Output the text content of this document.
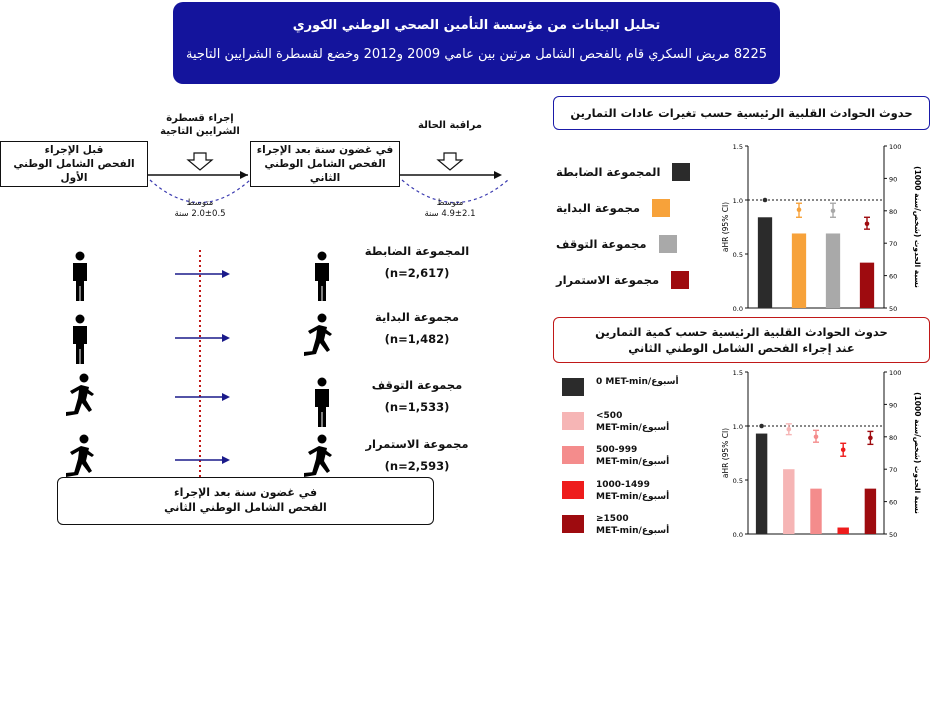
تحليل البيانات من مؤسسة التأمين الصحي الوطني الكوري
8225 مريض السكري قام بالفحص الشامل مرتين بين عامي 2009 و2012 وخضع لقسطرة الشرايين التاجية
قبل الإجراء
الفحص الشامل الوطني الأول
في غضون سنة بعد الإجراء
الفحص الشامل الوطني الثاني
إجراء قسطرة
الشرايين التاجية
مراقبة الحالة
متوسط
2.0±0.5 سنة
متوسط
4.9±2.1 سنة
المجموعة الضابطة
(n=2,617)
مجموعة البداية
(n=1,482)
مجموعة التوقف
(n=1,533)
مجموعة الاستمرار
(n=2,593)
في غضون سنة بعد الإجراء
الفحص الشامل الوطني الثاني
حدوث الحوادث القلبية الرئيسية حسب تغيرات عادات التمارين
المجموعة الضابطة
مجموعة البداية
مجموعة التوقف
مجموعة الاستمرار
0.0
0.5
1.0
1.5
50
60
70
80
90
100
aHR (95% CI)
نسبة الحدوث (شخص/سنة 1000)
حدوث الحوادث القلبية الرئيسية حسب كمية التمارين
عند إجراء الفحص الشامل الوطني الثاني
0 MET-min/أسبوع
<500
MET-min/أسبوع
500-999
MET-min/أسبوع
1000-1499
MET-min/أسبوع
≥1500
MET-min/أسبوع	0.0
0.5
1.0
1.5
50
60
70
80
90
100
aHR (95% CI)
نسبة الحدوث (شخص/سنة 1000)
